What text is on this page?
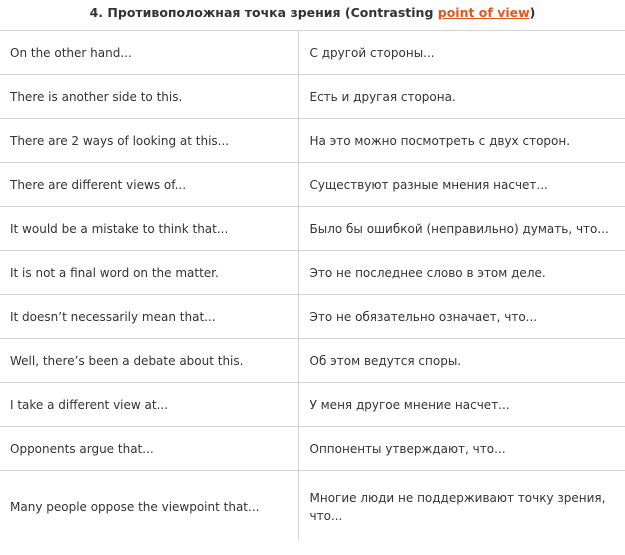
4. Противоположная точка зрения (Contrasting point of view)
On the other hand...	С другой стороны...
There is another side to this.	Есть и другая сторона.
There are 2 ways of looking at this...	На это можно посмотреть с двух сторон.
There are different views of...	Существуют разные мнения насчет...
It would be a mistake to think that...	Было бы ошибкой (неправильно) думать, что...
It is not a final word on the matter.	Это не последнее слово в этом деле.
It doesn’t necessarily mean that...	Это не обязательно означает, что...
Well, there’s been a debate about this.	Об этом ведутся споры.
I take a different view at...	У меня другое мнение насчет...
Opponents argue that...	Оппоненты утверждают, что...
Many people oppose the viewpoint that...	Многие люди не поддерживают точку зрения, что...
